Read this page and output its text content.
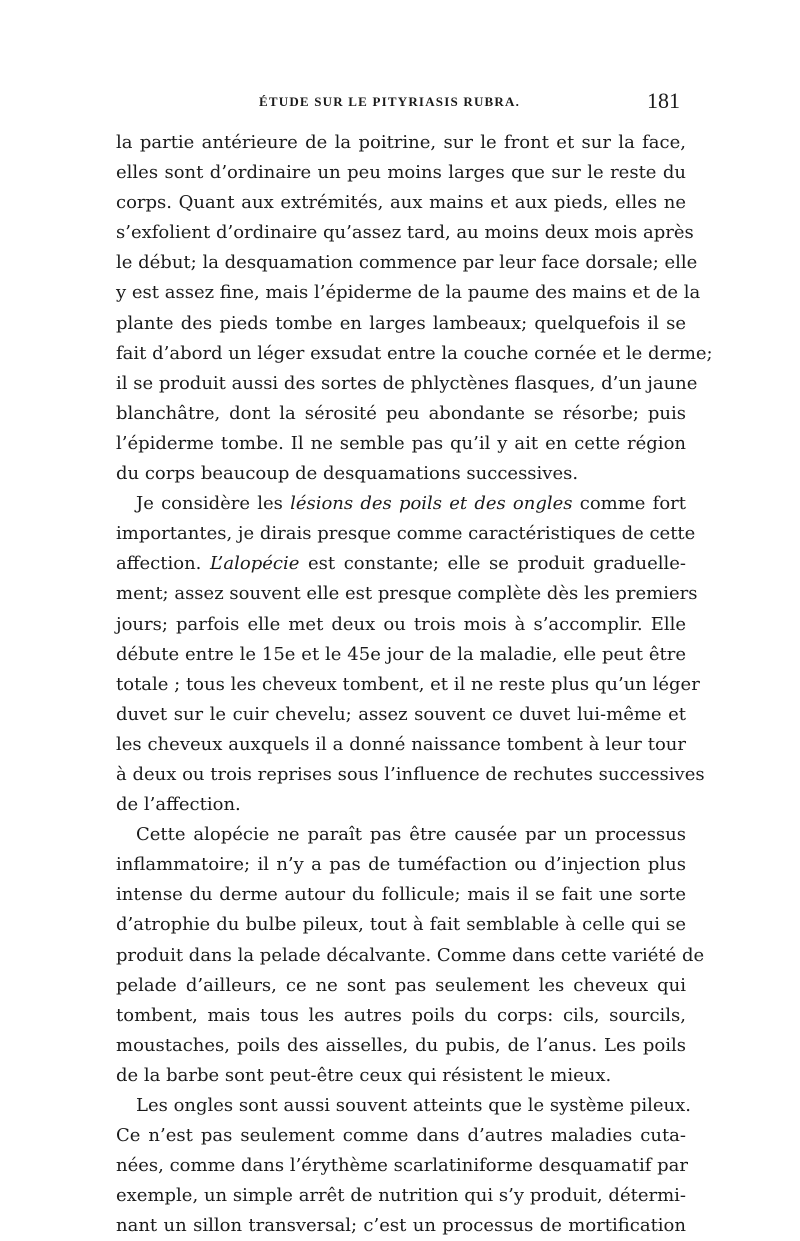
ÉTUDE SUR LE PITYRIASIS RUBRA.	181
la partie antérieure de la poitrine, sur le front et sur la face,
elles sont d’ordinaire un peu moins larges que sur le reste du
corps. Quant aux extrémités, aux mains et aux pieds, elles ne
s’exfolient d’ordinaire qu’assez tard, au moins deux mois après
le début; la desquamation commence par leur face dorsale; elle
y est assez fine, mais l’épiderme de la paume des mains et de la
plante des pieds tombe en larges lambeaux; quelquefois il se
fait d’abord un léger exsudat entre la couche cornée et le derme;
il se produit aussi des sortes de phlyctènes flasques, d’un jaune
blanchâtre, dont la sérosité peu abondante se résorbe; puis
l’épiderme tombe. Il ne semble pas qu’il y ait en cette région
du corps beaucoup de desquamations successives.
Je considère les lésions des poils et des ongles comme fort
importantes, je dirais presque comme caractéristiques de cette
affection. L’alopécie est constante; elle se produit graduelle-
ment; assez souvent elle est presque complète dès les premiers
jours; parfois elle met deux ou trois mois à s’accomplir. Elle
débute entre le 15e et le 45e jour de la maladie, elle peut être
totale ; tous les cheveux tombent, et il ne reste plus qu’un léger
duvet sur le cuir chevelu; assez souvent ce duvet lui-même et
les cheveux auxquels il a donné naissance tombent à leur tour
à deux ou trois reprises sous l’influence de rechutes successives
de l’affection.
Cette alopécie ne paraît pas être causée par un processus
inflammatoire; il n’y a pas de tuméfaction ou d’injection plus
intense du derme autour du follicule; mais il se fait une sorte
d’atrophie du bulbe pileux, tout à fait semblable à celle qui se
produit dans la pelade décalvante. Comme dans cette variété de
pelade d’ailleurs, ce ne sont pas seulement les cheveux qui
tombent, mais tous les autres poils du corps: cils, sourcils,
moustaches, poils des aisselles, du pubis, de l’anus. Les poils
de la barbe sont peut-être ceux qui résistent le mieux.
Les ongles sont aussi souvent atteints que le système pileux.
Ce n’est pas seulement comme dans d’autres maladies cuta-
nées, comme dans l’érythème scarlatiniforme desquamatif par
exemple, un simple arrêt de nutrition qui s’y produit, détermi-
nant un sillon transversal; c’est un processus de mortification
